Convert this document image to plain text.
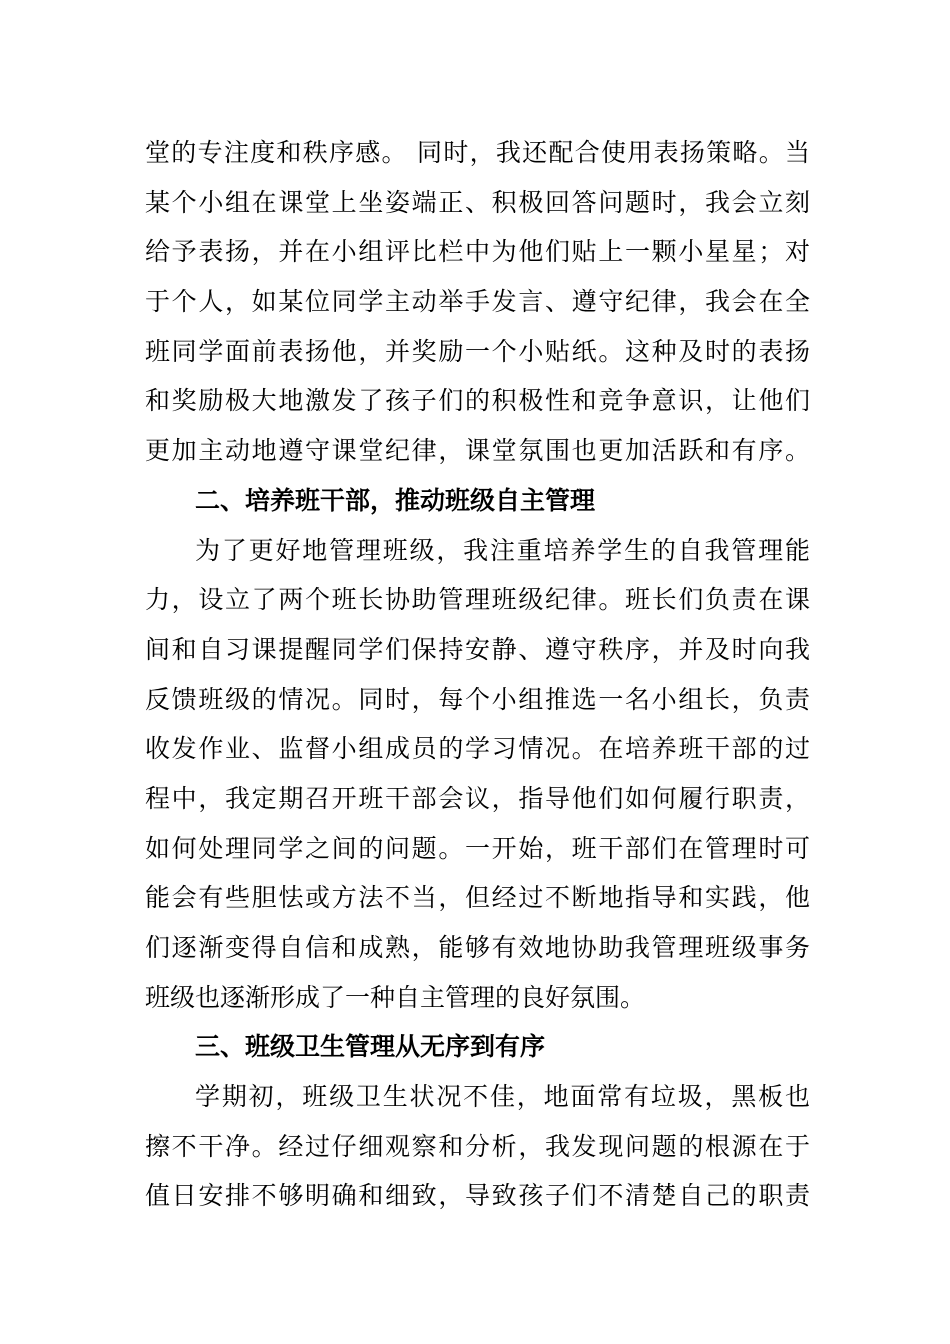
堂的专注度和秩序感。 同时，我还配合使用表扬策略。当
某个小组在课堂上坐姿端正、积极回答问题时，我会立刻
给予表扬，并在小组评比栏中为他们贴上一颗小星星；对
于个人，如某位同学主动举手发言、遵守纪律，我会在全
班同学面前表扬他，并奖励一个小贴纸。这种及时的表扬
和奖励极大地激发了孩子们的积极性和竞争意识，让他们
更加主动地遵守课堂纪律，课堂氛围也更加活跃和有序。
二、培养班干部，推动班级自主管理
为了更好地管理班级，我注重培养学生的自我管理能
力，设立了两个班长协助管理班级纪律。班长们负责在课
间和自习课提醒同学们保持安静、遵守秩序，并及时向我
反馈班级的情况。同时，每个小组推选一名小组长，负责
收发作业、监督小组成员的学习情况。在培养班干部的过
程中，我定期召开班干部会议，指导他们如何履行职责，
如何处理同学之间的问题。一开始，班干部们在管理时可
能会有些胆怯或方法不当，但经过不断地指导和实践，他
们逐渐变得自信和成熟，能够有效地协助我管理班级事务
班级也逐渐形成了一种自主管理的良好氛围。
三、班级卫生管理从无序到有序
学期初，班级卫生状况不佳，地面常有垃圾，黑板也
擦不干净。经过仔细观察和分析，我发现问题的根源在于
值日安排不够明确和细致，导致孩子们不清楚自己的职责
